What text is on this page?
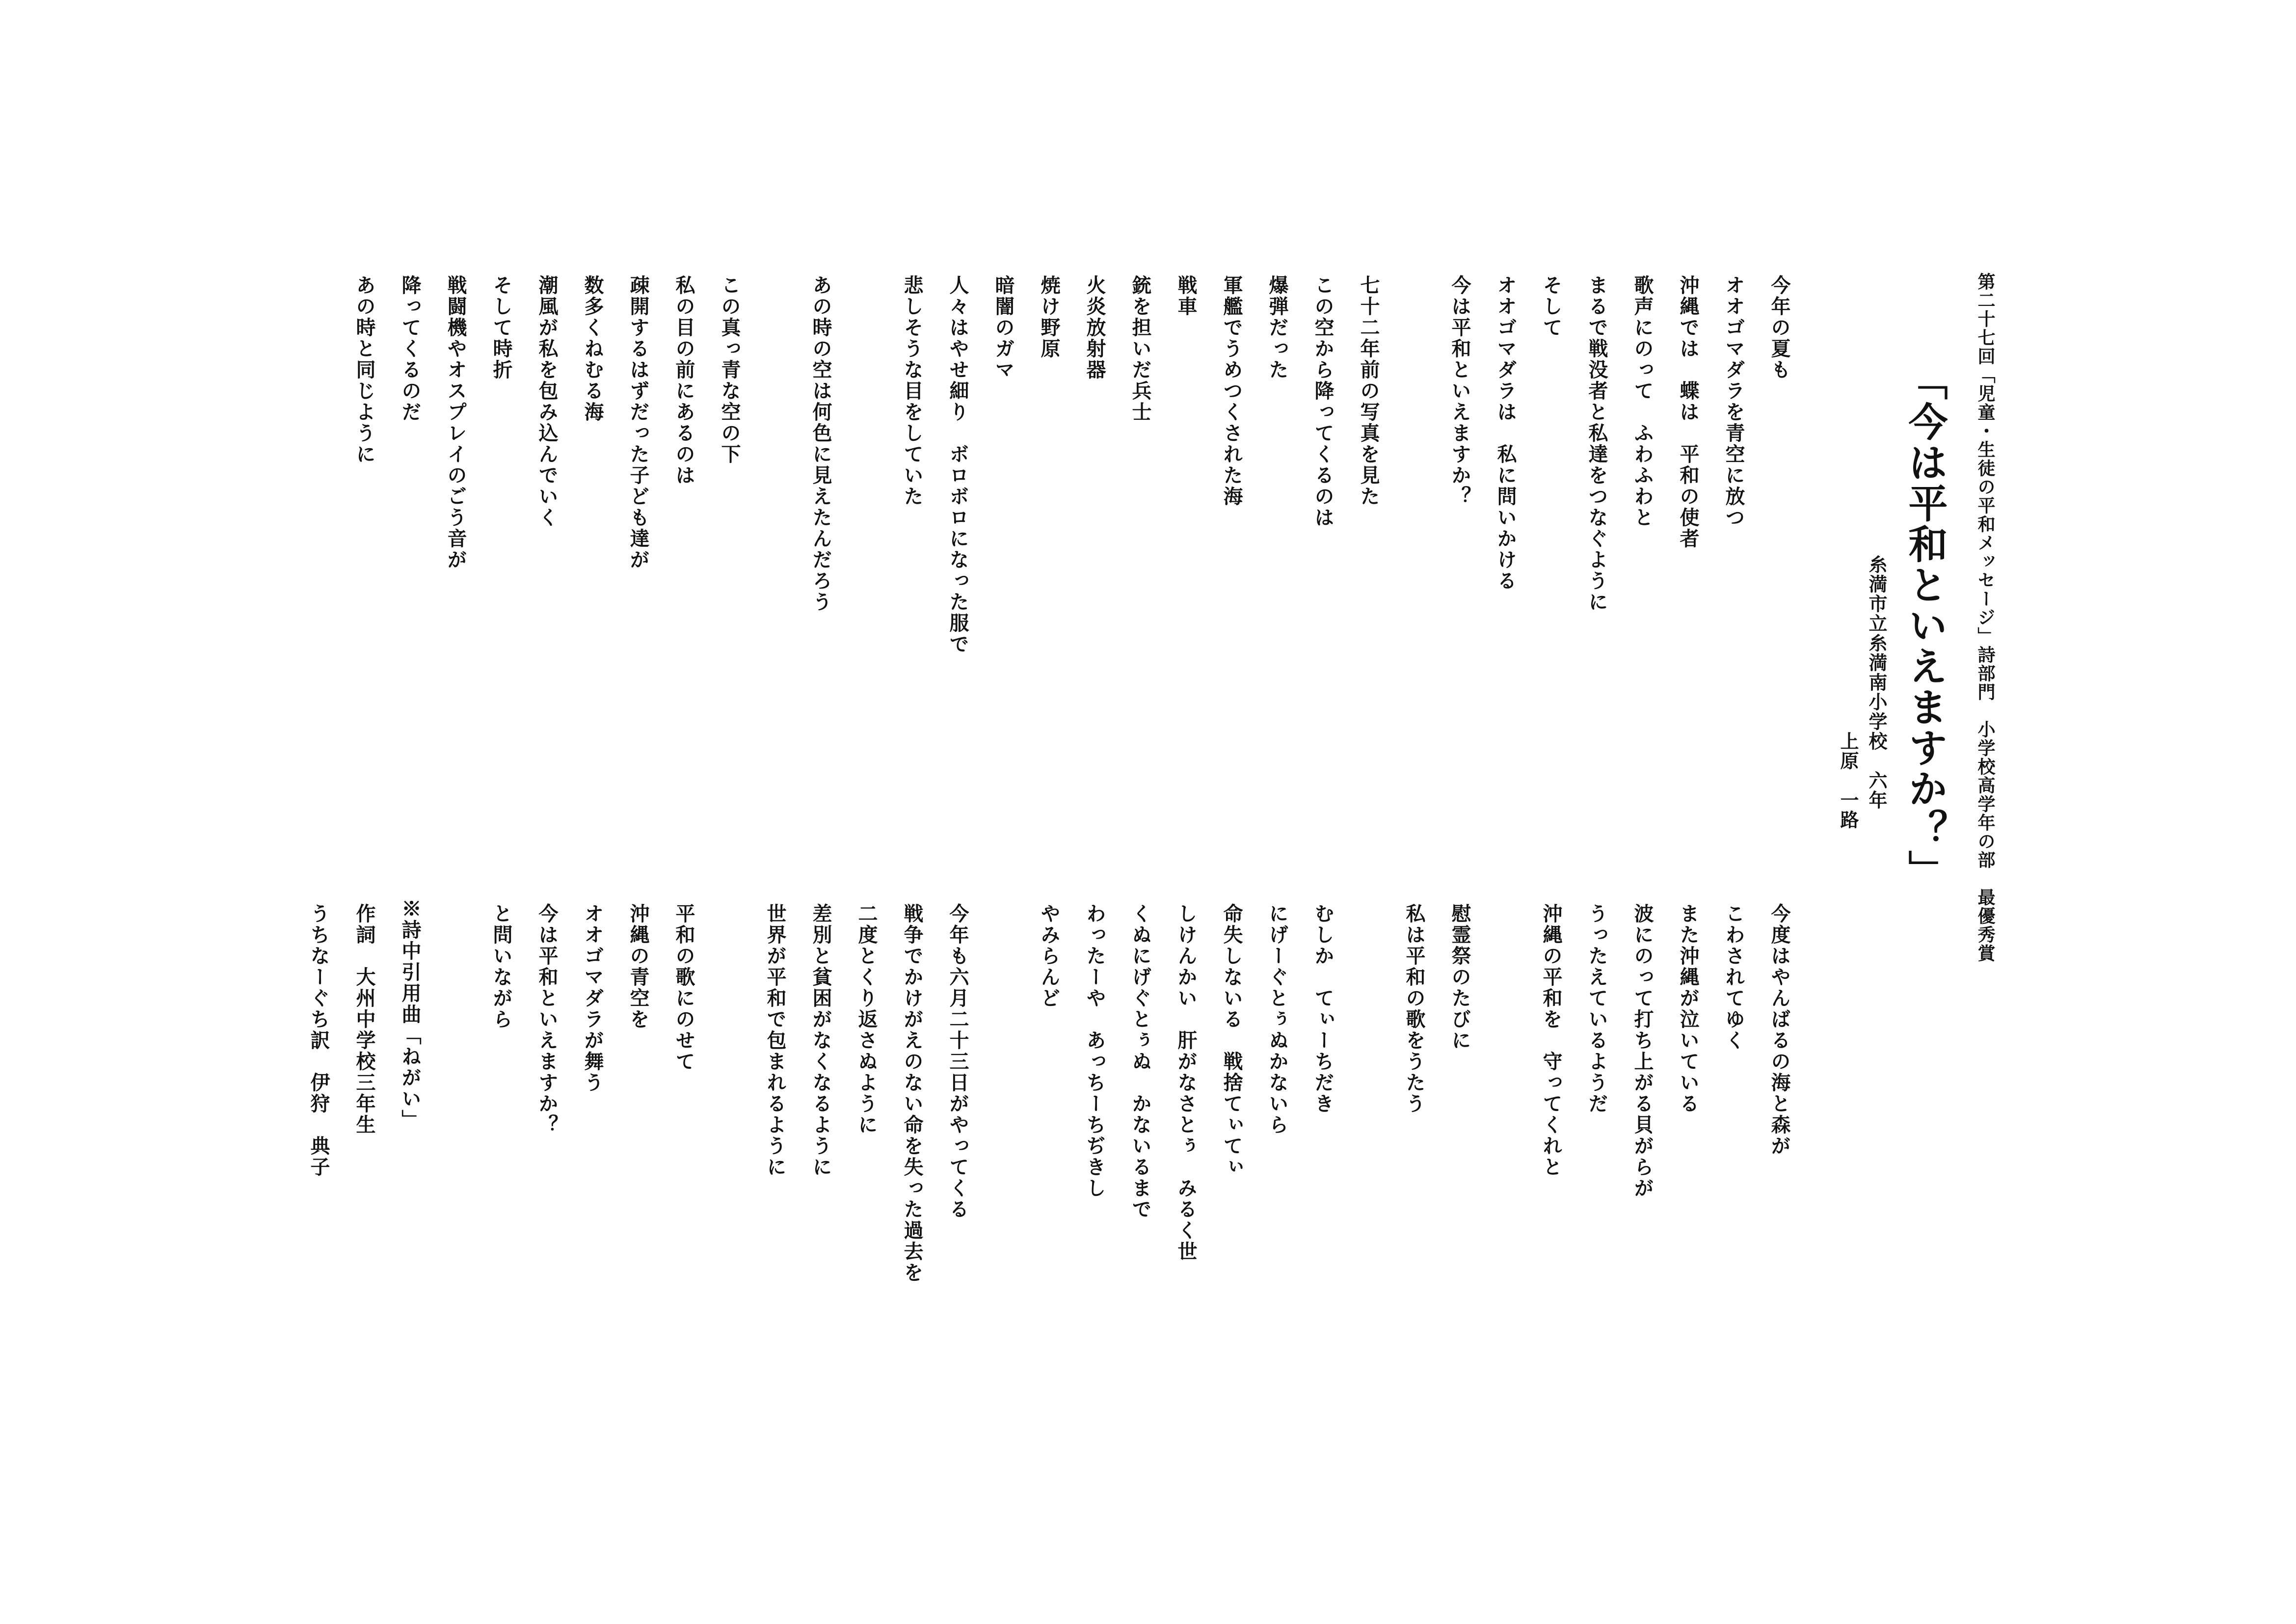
第二十七回「児童・生徒の平和メッセージ」詩部門　小学校高学年の部　最優秀賞
「今は平和といえますか？」
糸満市立糸満南小学校　六年
上原　一路
今年の夏も
オオゴマダラを青空に放つ
沖縄では　蝶は　平和の使者
歌声にのって　ふわふわと
まるで戦没者と私達をつなぐように
そして
オオゴマダラは　私に問いかける
今は平和といえますか？
七十二年前の写真を見た
この空から降ってくるのは
爆弾だった
軍艦でうめつくされた海
戦車
銃を担いだ兵士
火炎放射器
焼け野原
暗闇のガマ
人々はやせ細り　ボロボロになった服で
悲しそうな目をしていた
あの時の空は何色に見えたんだろう
この真っ青な空の下
私の目の前にあるのは
疎開するはずだった子ども達が
数多くねむる海
潮風が私を包み込んでいく
そして時折
戦闘機やオスプレイのごう音が
降ってくるのだ
あの時と同じように
今度はやんばるの海と森が
こわされてゆく
また沖縄が泣いている
波にのって打ち上がる貝がらが
うったえているようだ
沖縄の平和を　守ってくれと
慰霊祭のたびに
私は平和の歌をうたう
むしか　てぃーちだき
にげーぐとぅぬかないら
命失しないる　戦捨てぃてぃ
しけんかい　肝がなさとぅ　みるく世
くぬにげぐとぅぬ　かないるまで
わったーや　あっちーちぢきし
やみらんど
今年も六月二十三日がやってくる
戦争でかけがえのない命を失った過去を
二度とくり返さぬように
差別と貧困がなくなるように
世界が平和で包まれるように
平和の歌にのせて
沖縄の青空を
オオゴマダラが舞う
今は平和といえますか？
と問いながら
※詩中引用曲「ねがい」
作詞　大州中学校三年生
うちなーぐち訳　伊狩　典子
